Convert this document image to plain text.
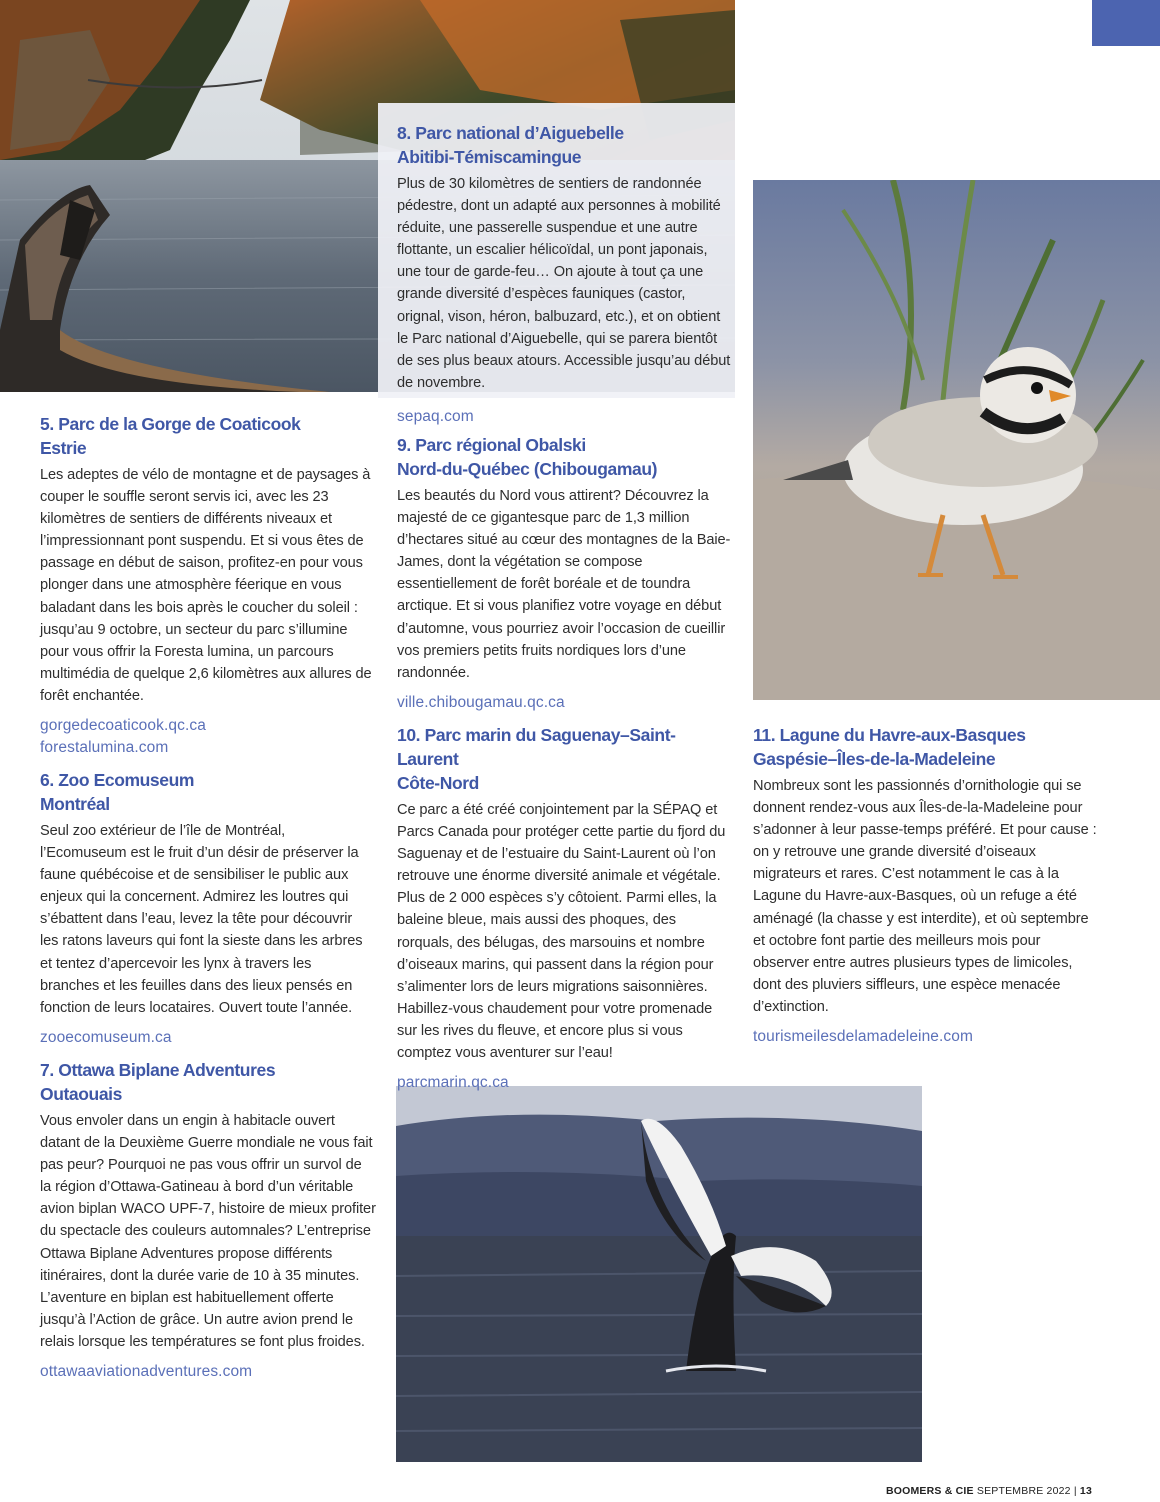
5. Parc de la Gorge de Coaticook
Estrie

Les adeptes de vélo de montagne et de paysages à couper le souffle seront servis ici, avec les 23 kilomètres de sentiers de différents niveaux et l’impressionnant pont suspendu. Et si vous êtes de passage en début de saison, profitez-en pour vous plonger dans une atmosphère féerique en vous baladant dans les bois après le coucher du soleil : jusqu’au 9 octobre, un secteur du parc s’illumine pour vous offrir la Foresta lumina, un parcours multimédia de quelque 2,6 kilomètres aux allures de forêt enchantée.

gorgedecoaticook.qc.ca
forestalumina.com
6. Zoo Ecomuseum
Montréal

Seul zoo extérieur de l’île de Montréal, l’Ecomuseum est le fruit d’un désir de préserver la faune québécoise et de sensibiliser le public aux enjeux qui la concernent. Admirez les loutres qui s’ébattent dans l’eau, levez la tête pour découvrir les ratons laveurs qui font la sieste dans les arbres et tentez d’apercevoir les lynx à travers les branches et les feuilles dans des lieux pensés en fonction de leurs locataires. Ouvert toute l’année.

zooecomuseum.ca
7. Ottawa Biplane Adventures
Outaouais

Vous envoler dans un engin à habitacle ouvert datant de la Deuxième Guerre mondiale ne vous fait pas peur? Pourquoi ne pas vous offrir un survol de la région d’Ottawa-Gatineau à bord d’un véritable avion biplan WACO UPF-7, histoire de mieux profiter du spectacle des couleurs automnales? L’entreprise Ottawa Biplane Adventures propose différents itinéraires, dont la durée varie de 10 à 35 minutes. L’aventure en biplan est habituellement offerte jusqu’à l’Action de grâce. Un autre avion prend le relais lorsque les températures se font plus froides.

ottawaaviationadventures.com
8. Parc national d’Aiguebelle
Abitibi-Témiscamingue

Plus de 30 kilomètres de sentiers de randonnée pédestre, dont un adapté aux personnes à mobilité réduite, une passerelle suspendue et une autre flottante, un escalier hélicoïdal, un pont japonais, une tour de garde-feu… On ajoute à tout ça une grande diversité d’espèces fauniques (castor, orignal, vison, héron, balbuzard, etc.), et on obtient le Parc national d’Aiguebelle, qui se parera bientôt de ses plus beaux atours. Accessible jusqu’au début de novembre.

sepaq.com
9. Parc régional Obalski
Nord-du-Québec (Chibougamau)

Les beautés du Nord vous attirent? Découvrez la majesté de ce gigantesque parc de 1,3 million d’hectares situé au cœur des montagnes de la Baie-James, dont la végétation se compose essentiellement de forêt boréale et de toundra arctique. Et si vous planifiez votre voyage en début d’automne, vous pourriez avoir l’occasion de cueillir vos premiers petits fruits nordiques lors d’une randonnée.

ville.chibougamau.qc.ca
10. Parc marin du Saguenay–Saint-Laurent
Côte-Nord

Ce parc a été créé conjointement par la SÉPAQ et Parcs Canada pour protéger cette partie du fjord du Saguenay et de l’estuaire du Saint-Laurent où l’on retrouve une énorme diversité animale et végétale. Plus de 2 000 espèces s’y côtoient. Parmi elles, la baleine bleue, mais aussi des phoques, des rorquals, des bélugas, des marsouins et nombre d’oiseaux marins, qui passent dans la région pour s’alimenter lors de leurs migrations saisonnières. Habillez-vous chaudement pour votre promenade sur les rives du fleuve, et encore plus si vous comptez vous aventurer sur l’eau!

parcmarin.qc.ca
11. Lagune du Havre-aux-Basques
Gaspésie–Îles-de-la-Madeleine

Nombreux sont les passionnés d’ornithologie qui se donnent rendez-vous aux Îles-de-la-Madeleine pour s’adonner à leur passe-temps préféré. Et pour cause : on y retrouve une grande diversité d’oiseaux migrateurs et rares. C’est notamment le cas à la Lagune du Havre-aux-Basques, où un refuge a été aménagé (la chasse y est interdite), et où septembre et octobre font partie des meilleurs mois pour observer entre autres plusieurs types de limicoles, dont des pluviers siffleurs, une espèce menacée d’extinction.

tourismeilesdelamadeleine.com
BOOMERS & CIE SEPTEMBRE 2022 | 13
